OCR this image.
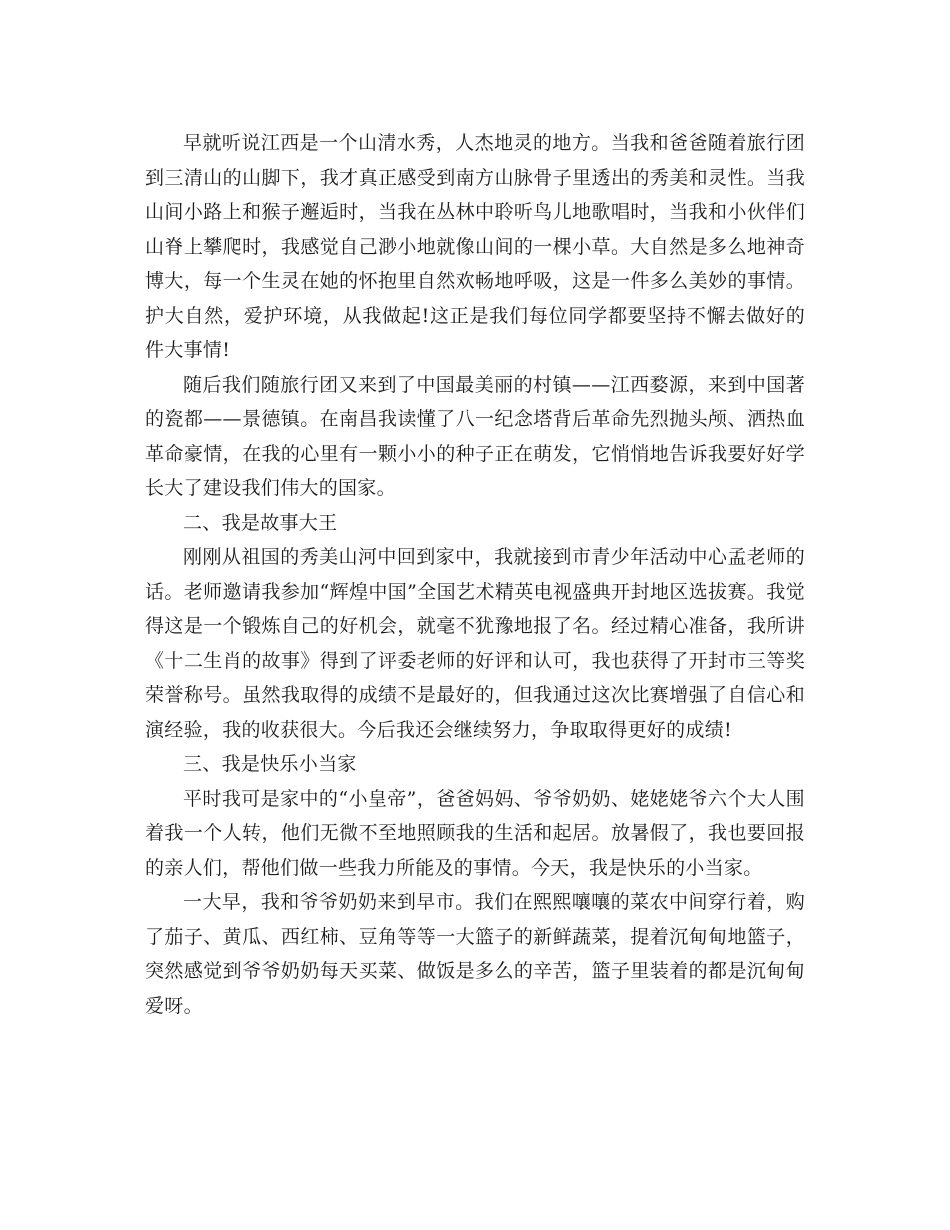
早就听说江西是一个山清水秀，人杰地灵的地方。当我和爸爸随着旅行团
到三清山的山脚下，我才真正感受到南方山脉骨子里透出的秀美和灵性。当我
山间小路上和猴子邂逅时，当我在丛林中聆听鸟儿地歌唱时，当我和小伙伴们
山脊上攀爬时，我感觉自己渺小地就像山间的一棵小草。大自然是多么地神奇
博大，每一个生灵在她的怀抱里自然欢畅地呼吸，这是一件多么美妙的事情。
护大自然，爱护环境，从我做起!这正是我们每位同学都要坚持不懈去做好的
件大事情!
随后我们随旅行团又来到了中国最美丽的村镇——江西婺源，来到中国著
的瓷都——景德镇。在南昌我读懂了八一纪念塔背后革命先烈抛头颅、洒热血
革命豪情，在我的心里有一颗小小的种子正在萌发，它悄悄地告诉我要好好学
长大了建设我们伟大的国家。
二、我是故事大王
刚刚从祖国的秀美山河中回到家中，我就接到市青少年活动中心孟老师的
话。老师邀请我参加“辉煌中国”全国艺术精英电视盛典开封地区选拔赛。我觉
得这是一个锻炼自己的好机会，就毫不犹豫地报了名。经过精心准备，我所讲
《十二生肖的故事》得到了评委老师的好评和认可，我也获得了开封市三等奖
荣誉称号。虽然我取得的成绩不是最好的，但我通过这次比赛增强了自信心和
演经验，我的收获很大。今后我还会继续努力，争取取得更好的成绩!
三、我是快乐小当家
平时我可是家中的“小皇帝”，爸爸妈妈、爷爷奶奶、姥姥姥爷六个大人围
着我一个人转，他们无微不至地照顾我的生活和起居。放暑假了，我也要回报
的亲人们，帮他们做一些我力所能及的事情。今天，我是快乐的小当家。
一大早，我和爷爷奶奶来到早市。我们在熙熙嚷嚷的菜农中间穿行着，购
了茄子、黄瓜、西红柿、豆角等等一大篮子的新鲜蔬菜，提着沉甸甸地篮子，
突然感觉到爷爷奶奶每天买菜、做饭是多么的辛苦，篮子里装着的都是沉甸甸
爱呀。
